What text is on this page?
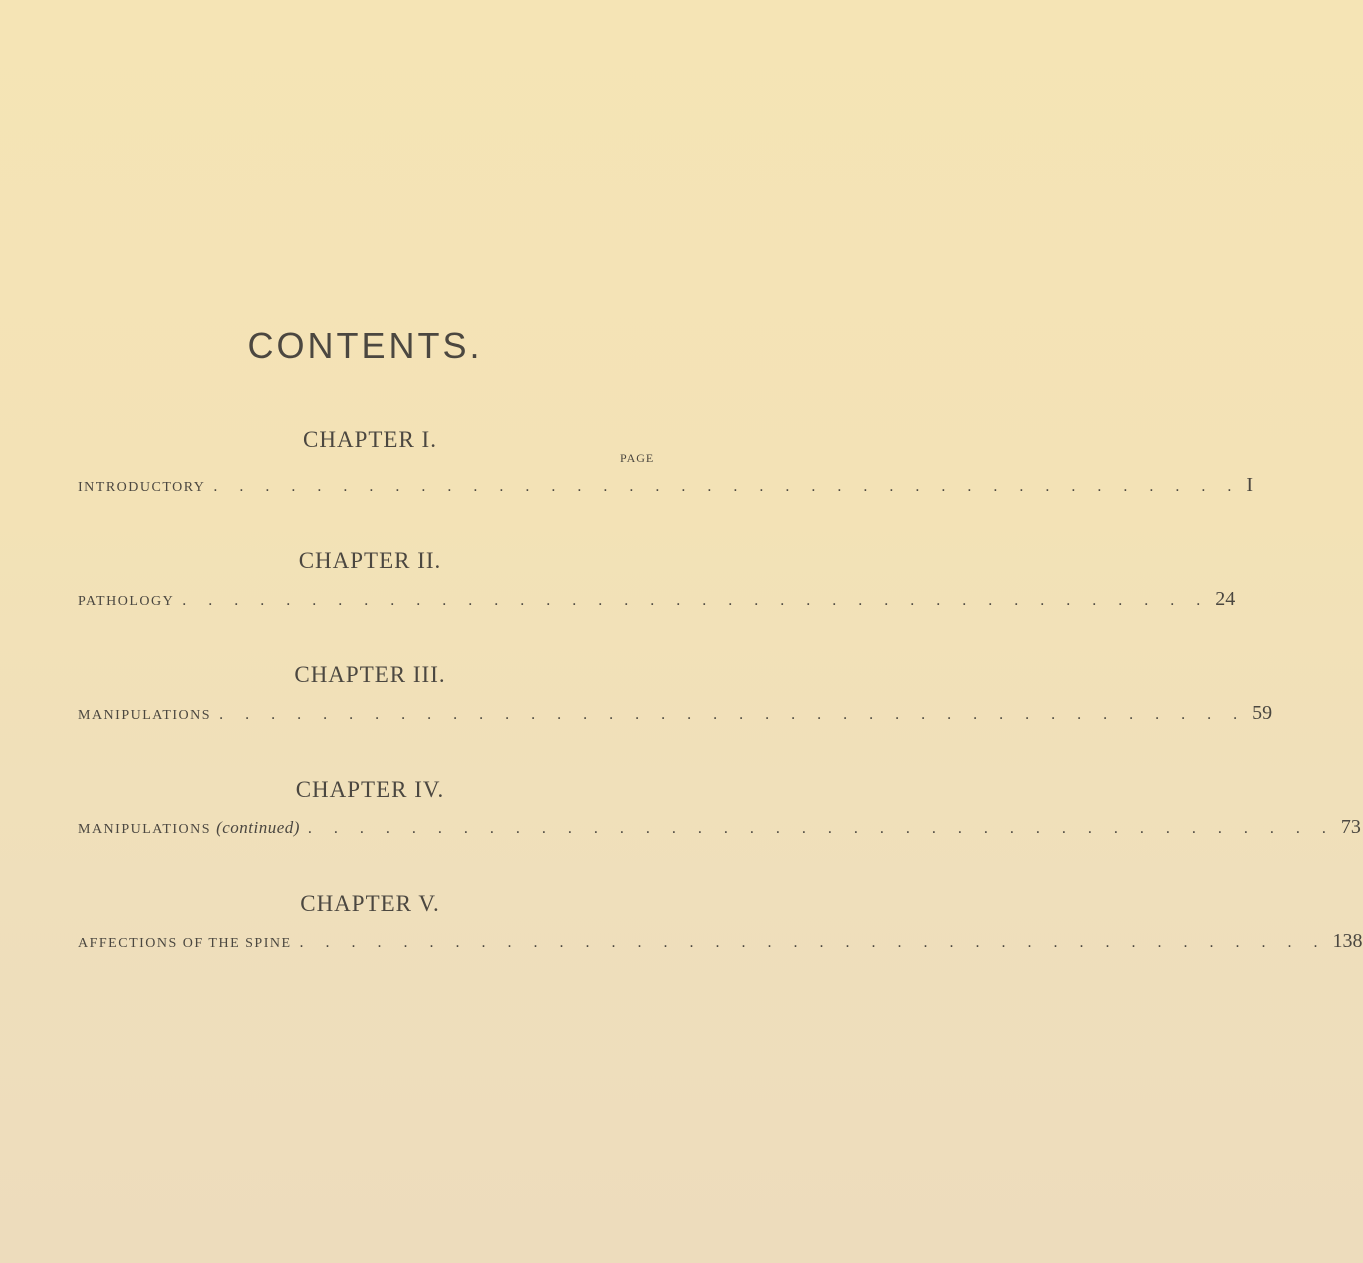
CONTENTS.
CHAPTER I.
PAGE
INTRODUCTORY . . . . . . . . . . . . . . . . . . . . . . . . . . . . . . . . . . . . . . . . I
CHAPTER II.
PATHOLOGY . . . . . . . . . . . . . . . . . . . . . . . . . . . . . . . . . . . . . . . . 24
CHAPTER III.
MANIPULATIONS . . . . . . . . . . . . . . . . . . . . . . . . . . . . . . . . . . . . . . . . 59
CHAPTER IV.
MANIPULATIONS (continued) . . . . . . . . . . . . . . . . . . . . . . . . . . . . . . . . . . . . . . . . 73
CHAPTER V.
AFFECTIONS OF THE SPINE . . . . . . . . . . . . . . . . . . . . . . . . . . . . . . . . . . . . . . . . 138
